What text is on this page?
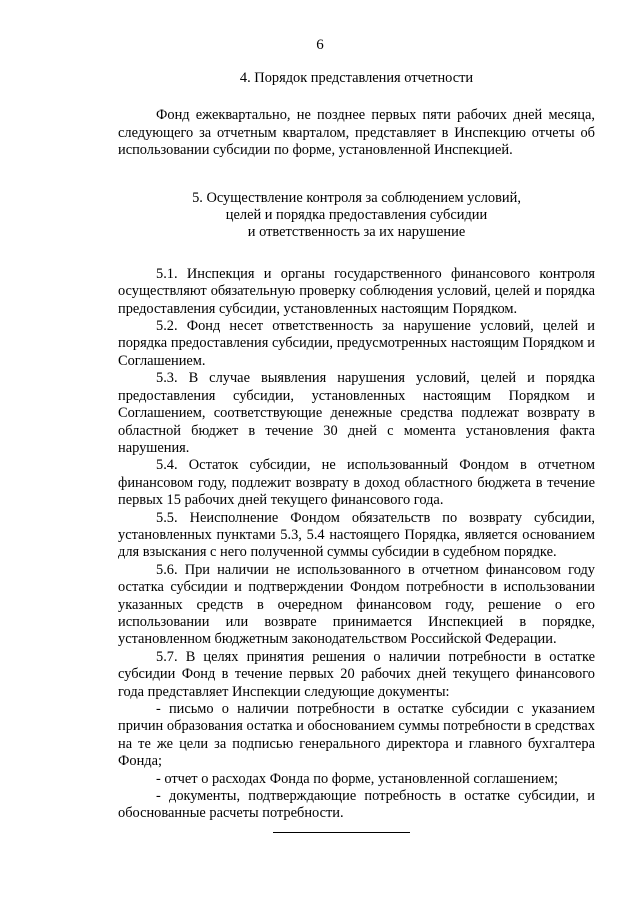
6
4. Порядок представления отчетности

Фонд ежеквартально, не позднее первых пяти рабочих дней месяца, следующего за отчетным кварталом, представляет в Инспекцию отчеты об использовании субсидии по форме, установленной Инспекцией.

5. Осуществление контроля за соблюдением условий,
целей и порядка предоставления субсидии
и ответственность за их нарушение

5.1. Инспекция и органы государственного финансового контроля осуществляют обязательную проверку соблюдения условий, целей и порядка предоставления субсидии, установленных настоящим Порядком.

5.2. Фонд несет ответственность за нарушение условий, целей и порядка предоставления субсидии, предусмотренных настоящим Порядком и Соглашением.

5.3. В случае выявления нарушения условий, целей и порядка предоставления субсидии, установленных настоящим Порядком и Соглашением, соответствующие денежные средства подлежат возврату в областной бюджет в течение 30 дней с момента установления факта нарушения.

5.4. Остаток субсидии, не использованный Фондом в отчетном финансовом году, подлежит возврату в доход областного бюджета в течение первых 15 рабочих дней текущего финансового года.

5.5. Неисполнение Фондом обязательств по возврату субсидии, установленных пунктами 5.3, 5.4 настоящего Порядка, является основанием для взыскания с него полученной суммы субсидии в судебном порядке.

5.6. При наличии не использованного в отчетном финансовом году остатка субсидии и подтверждении Фондом потребности в использовании указанных средств в очередном финансовом году, решение о его использовании или возврате принимается Инспекцией в порядке, установленном бюджетным законодательством Российской Федерации.

5.7. В целях принятия решения о наличии потребности в остатке субсидии Фонд в течение первых 20 рабочих дней текущего финансового года представляет Инспекции следующие документы:

- письмо о наличии потребности в остатке субсидии с указанием причин образования остатка и обоснованием суммы потребности в средствах на те же цели за подписью генерального директора и главного бухгалтера Фонда;

- отчет о расходах Фонда по форме, установленной соглашением;

- документы, подтверждающие потребность в остатке субсидии, и обоснованные расчеты потребности.
